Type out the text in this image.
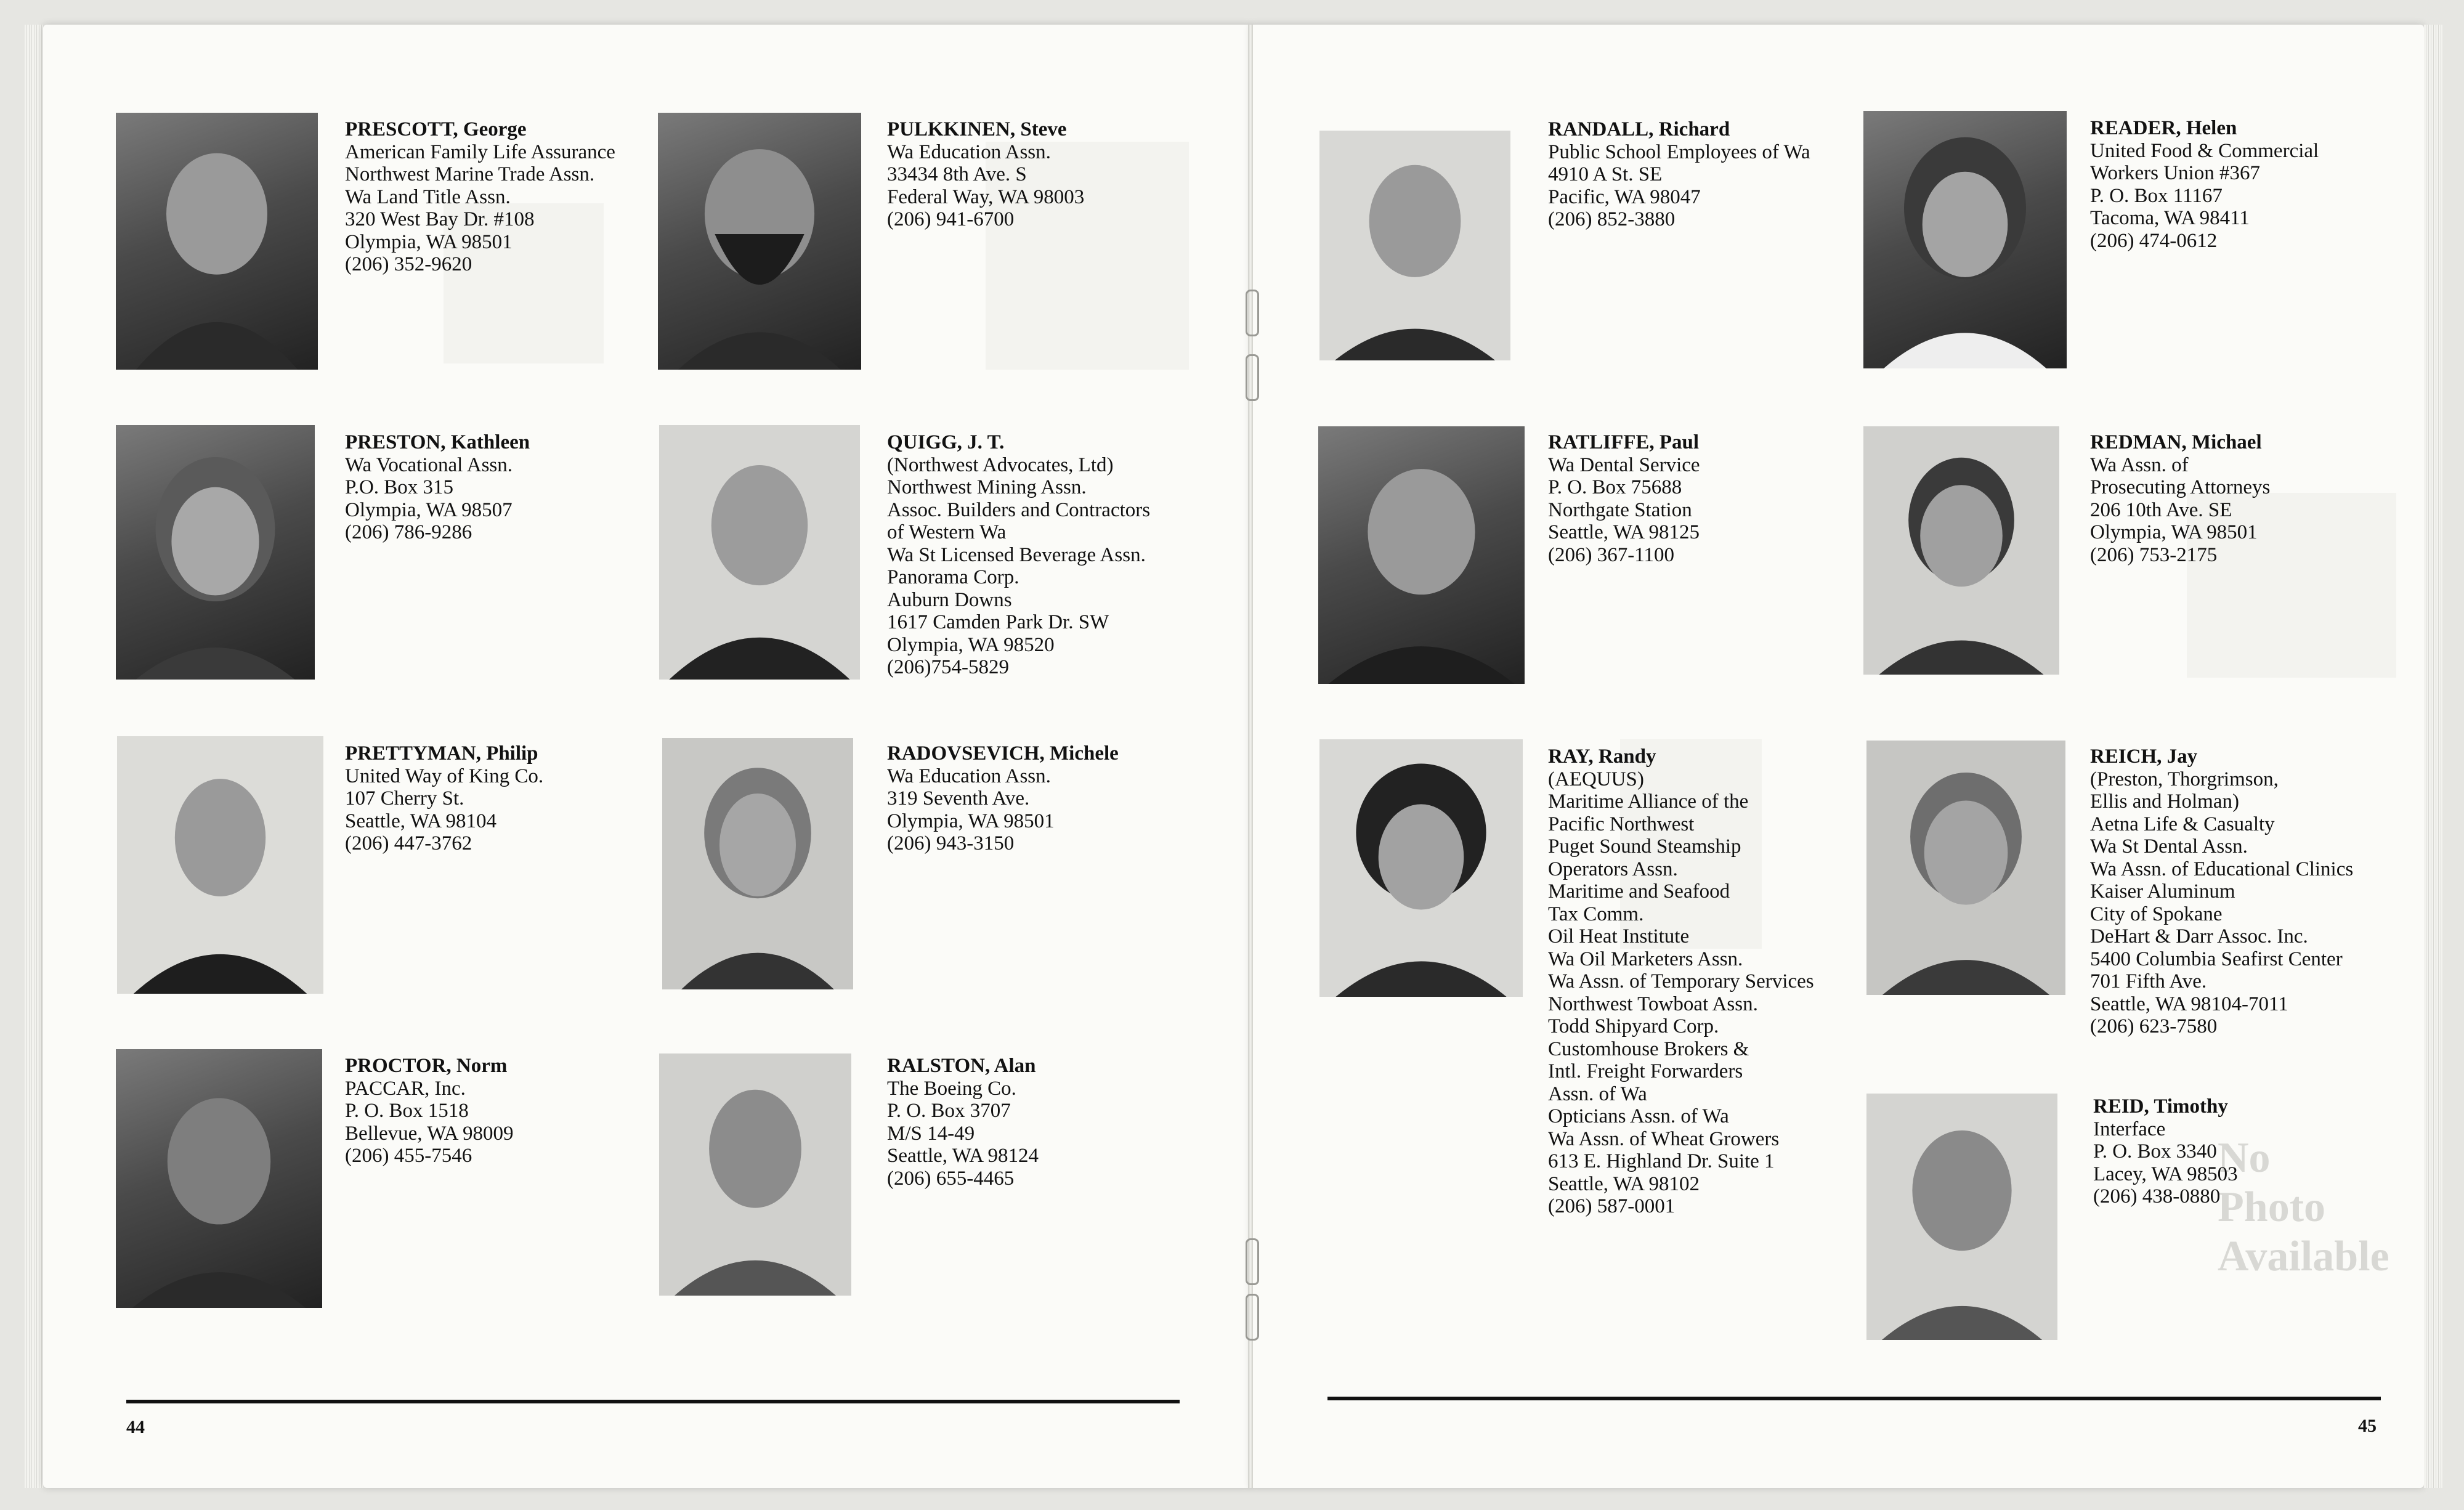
No
Photo
Available
PRESCOTT, George
American Family Life Assurance
Northwest Marine Trade Assn.
Wa Land Title Assn.
320 West Bay Dr. #108
Olympia, WA 98501
(206) 352-9620
PULKKINEN, Steve
Wa Education Assn.
33434 8th Ave. S
Federal Way, WA 98003
(206) 941-6700
PRESTON, Kathleen
Wa Vocational Assn.
P.O. Box 315
Olympia, WA 98507
(206) 786-9286
QUIGG, J. T.
(Northwest Advocates, Ltd)
Northwest Mining Assn.
Assoc. Builders and Contractors
of Western Wa
Wa St Licensed Beverage Assn.
Panorama Corp.
Auburn Downs
1617 Camden Park Dr. SW
Olympia, WA 98520
(206)754-5829
PRETTYMAN, Philip
United Way of King Co.
107 Cherry St.
Seattle, WA 98104
(206) 447-3762
RADOVSEVICH, Michele
Wa Education Assn.
319 Seventh Ave.
Olympia, WA 98501
(206) 943-3150
PROCTOR, Norm
PACCAR, Inc.
P. O. Box 1518
Bellevue, WA 98009
(206) 455-7546
RALSTON, Alan
The Boeing Co.
P. O. Box 3707
M/S 14-49
Seattle, WA 98124
(206) 655-4465
44
RANDALL, Richard
Public School Employees of Wa
4910 A St. SE
Pacific, WA 98047
(206) 852-3880
READER, Helen
United Food & Commercial
Workers Union #367
P. O. Box 11167
Tacoma, WA 98411
(206) 474-0612
RATLIFFE, Paul
Wa Dental Service
P. O. Box 75688
Northgate Station
Seattle, WA 98125
(206) 367-1100
REDMAN, Michael
Wa Assn. of
Prosecuting Attorneys
206 10th Ave. SE
Olympia, WA 98501
(206) 753-2175
RAY, Randy
(AEQUUS)
Maritime Alliance of the
Pacific Northwest
Puget Sound Steamship
Operators Assn.
Maritime and Seafood
Tax Comm.
Oil Heat Institute
Wa Oil Marketers Assn.
Wa Assn. of Temporary Services
Northwest Towboat Assn.
Todd Shipyard Corp.
Customhouse Brokers &
Intl. Freight Forwarders
Assn. of Wa
Opticians Assn. of Wa
Wa Assn. of Wheat Growers
613 E. Highland Dr. Suite 1
Seattle, WA 98102
(206) 587-0001
REICH, Jay
(Preston, Thorgrimson,
Ellis and Holman)
Aetna Life & Casualty
Wa St Dental Assn.
Wa Assn. of Educational Clinics
Kaiser Aluminum
City of Spokane
DeHart & Darr Assoc. Inc.
5400 Columbia Seafirst Center
701 Fifth Ave.
Seattle, WA 98104-7011
(206) 623-7580
REID, Timothy
Interface
P. O. Box 3340
Lacey, WA 98503
(206) 438-0880
45
